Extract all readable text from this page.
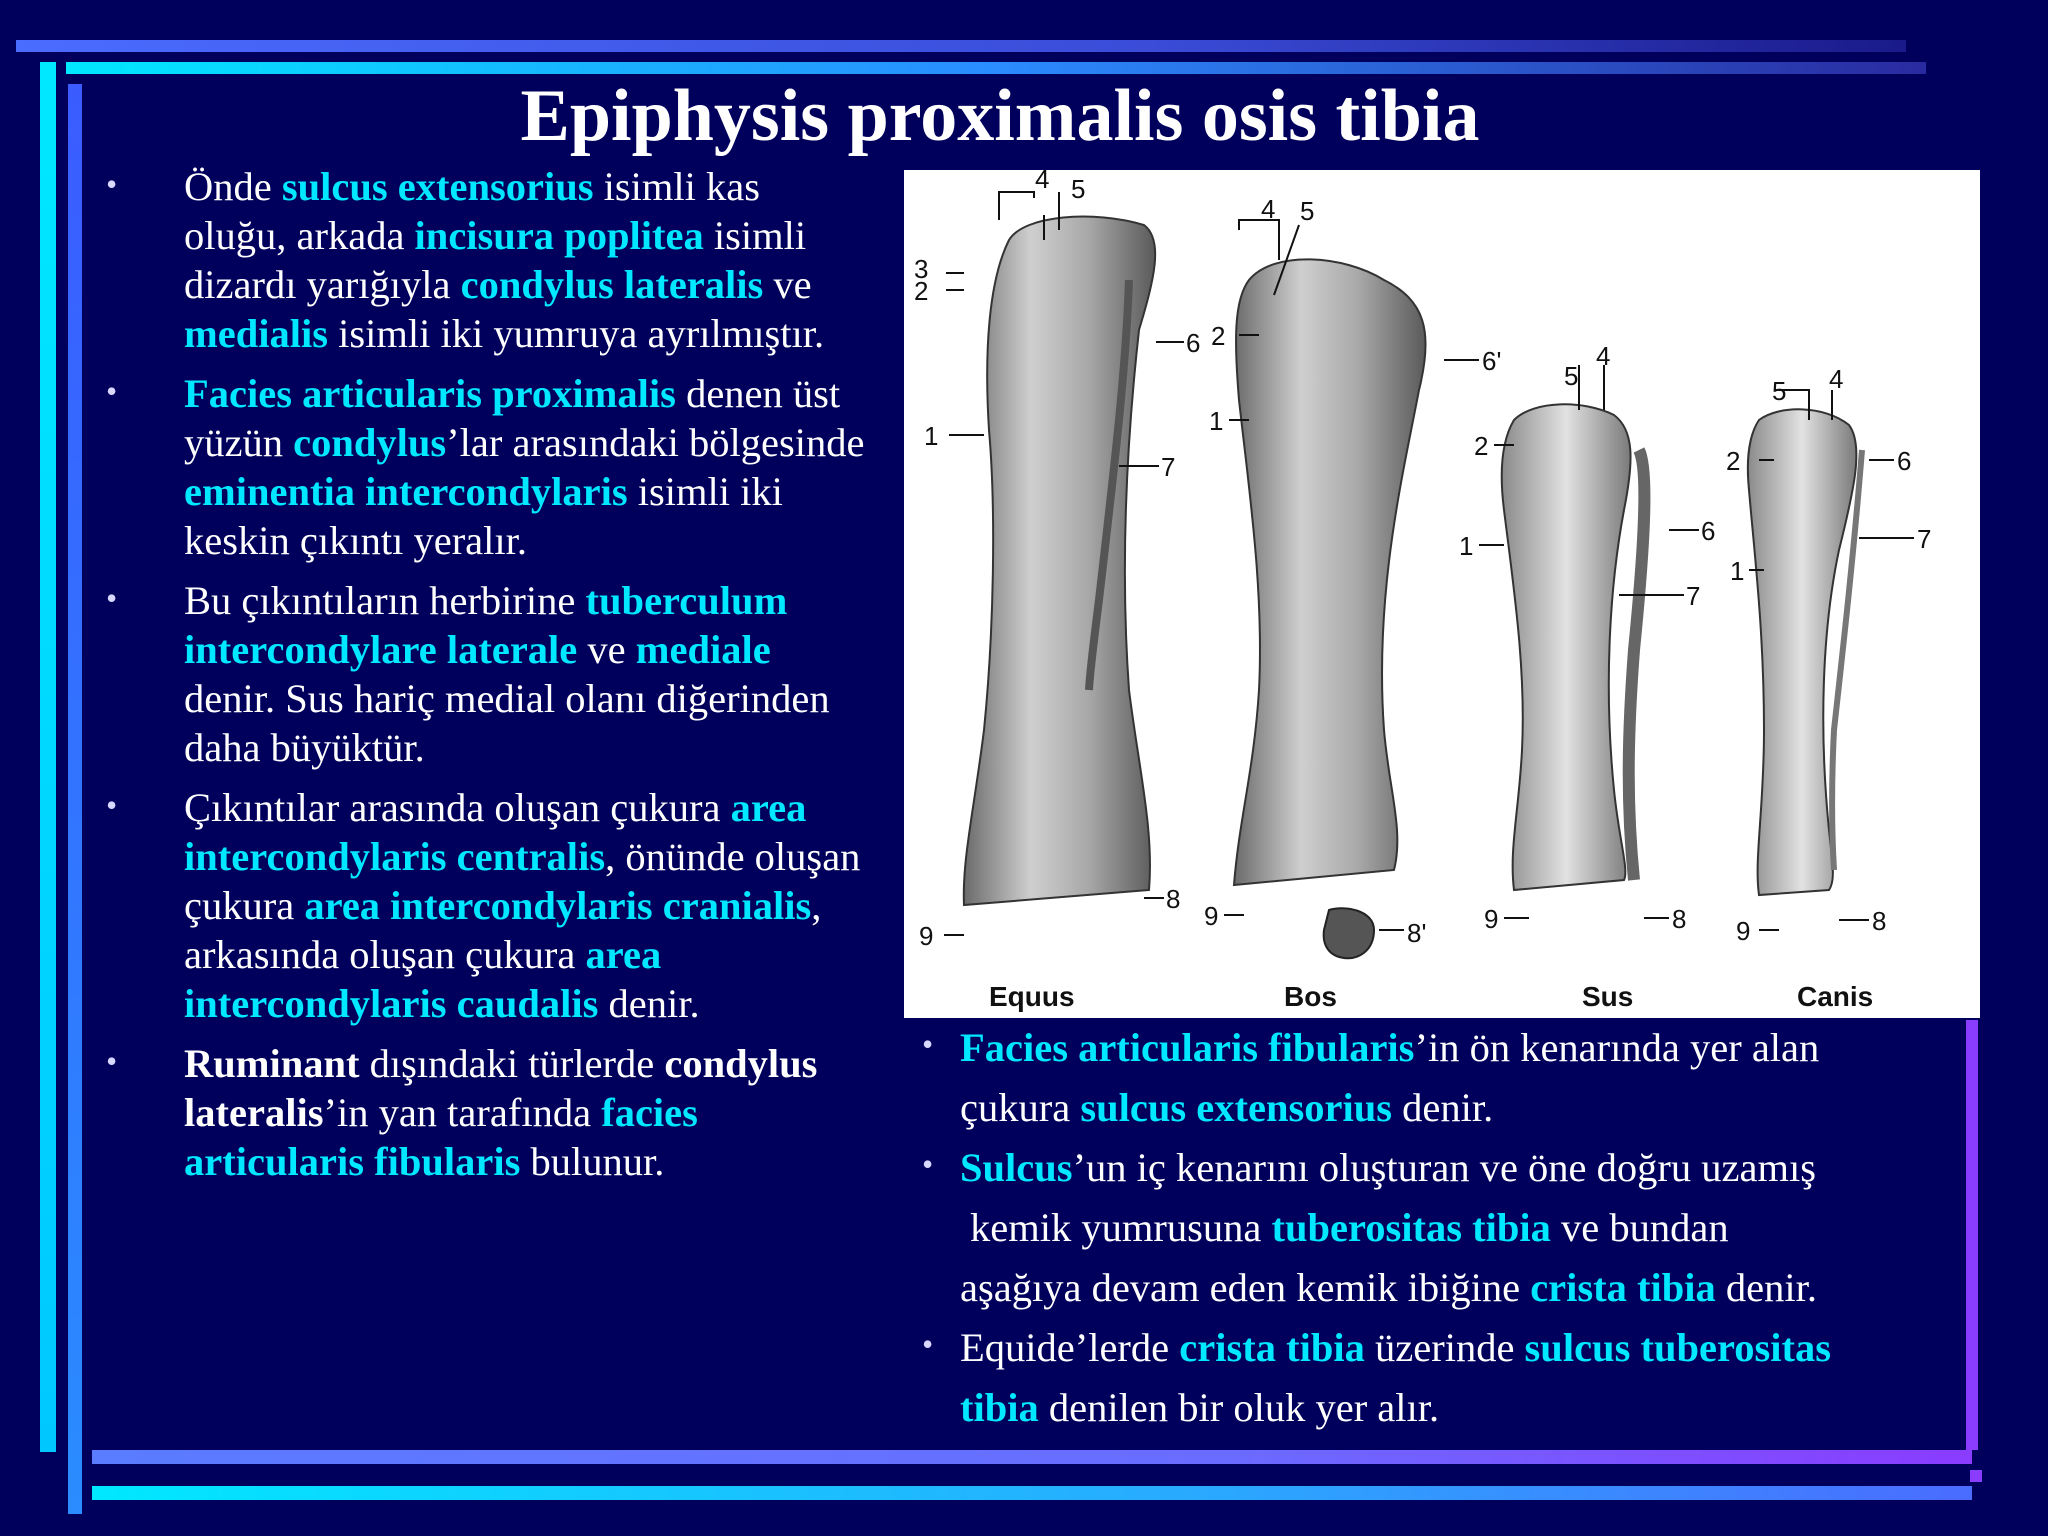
Epiphysis proximalis osis tibia
• Önde sulcus extensorius isimli kas oluğu, arkada incisura poplitea isimli dizardı yarığıyla condylus lateralis ve medialis isimli iki yumruya ayrılmıştır.
• Facies articularis proximalis denen üst yüzün condylus’lar arasındaki bölgesinde eminentia intercondylaris isimli iki keskin çıkıntı yeralır.
• Bu çıkıntıların herbirine tuberculum intercondylare laterale ve mediale denir. Sus hariç medial olanı diğerinden daha büyüktür.
• Çıkıntılar arasında oluşan çukura area intercondylaris centralis, önünde oluşan çukura area intercondylaris cranialis, arkasında oluşan çukura area intercondylaris caudalis denir.
• Ruminant dışındaki türlerde condylus lateralis’in yan tarafında facies articularis fibularis bulunur.
4 5
3
2
6
1
7
8
9
4 5
2
6'
1
9
8'
5
4
2
6
1
7
9	8
5 4
2	6
7
1
9	8
Equus	Bos	Sus	Canis
• Facies articularis fibularis’in ön kenarında yer alan
çukura sulcus extensorius denir.
• Sulcus’un iç kenarını oluşturan ve öne doğru uzamış
kemik yumrusuna tuberositas tibia ve bundan
aşağıya devam eden kemik ibiğine crista tibia denir.
• Equide’lerde crista tibia üzerinde sulcus tuberositas
tibia denilen bir oluk yer alır.
